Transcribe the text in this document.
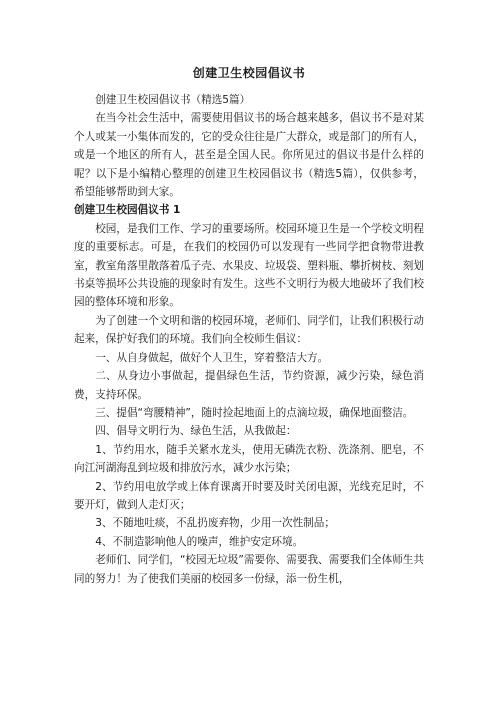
创建卫生校园倡议书

创建卫生校园倡议书（精选5篇）

在当今社会生活中，需要使用倡议书的场合越来越多，倡议书不是对某个人或某一小集体而发的，它的受众往往是广大群众，或是部门的所有人，或是一个地区的所有人，甚至是全国人民。你所见过的倡议书是什么样的呢？以下是小编精心整理的创建卫生校园倡议书（精选5篇），仅供参考，希望能够帮助到大家。

创建卫生校园倡议书 1

校园，是我们工作、学习的重要场所。校园环境卫生是一个学校文明程度的重要标志。可是，在我们的校园仍可以发现有一些同学把食物带进教室，教室角落里散落着瓜子壳、水果皮、垃圾袋、塑料瓶、攀折树枝、刻划书桌等损坏公共设施的现象时有发生。这些不文明行为极大地破坏了我们校园的整体环境和形象。

为了创建一个文明和谐的校园环境，老师们、同学们，让我们积极行动起来，保护好我们的环境。我们向全校师生倡议：

一、从自身做起，做好个人卫生，穿着整洁大方。

二、从身边小事做起，提倡绿色生活，节约资源，减少污染，绿色消费，支持环保。

三、提倡“弯腰精神”，随时捡起地面上的点滴垃圾，确保地面整洁。

四、倡导文明行为、绿色生活，从我做起：

1、节约用水，随手关紧水龙头，使用无磷洗衣粉、洗涤剂、肥皂，不向江河湖海乱到垃圾和排放污水，减少水污染；

2、节约用电放学或上体育课离开时要及时关闭电源，光线充足时，不要开灯，做到人走灯灭；

3、不随地吐痰，不乱扔废弃物，少用一次性制品；

4、不制造影响他人的噪声，维护安定环境。

老师们、同学们，“校园无垃圾”需要你、需要我、需要我们全体师生共同的努力！为了使我们美丽的校园多一份绿，添一份生机，
